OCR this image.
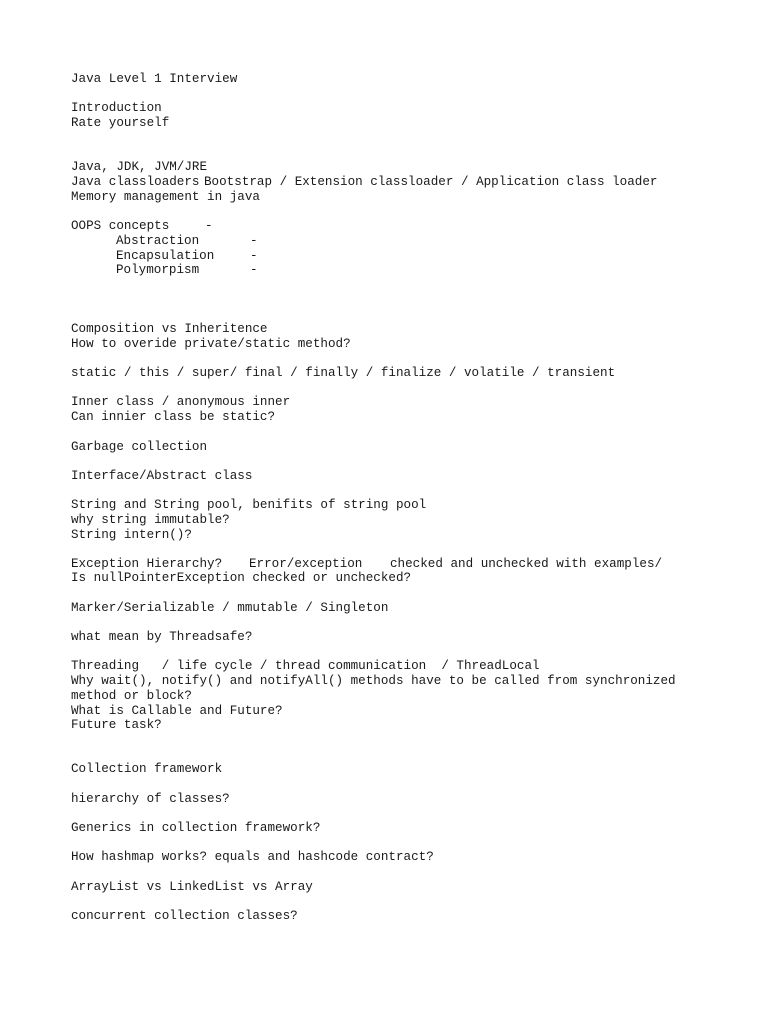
Java Level 1 Interview
Introduction
Rate yourself
Java, JDK, JVM/JRE
Java classloaders Bootstrap / Extension classloader / Application class loader
Memory management in java
OOPS concepts	-
Abstraction	-
Encapsulation	-
Polymorpism	-
Composition vs Inheritence
How to overide private/static method?
static / this / super/ final / finally / finalize / volatile / transient
Inner class / anonymous inner
Can innier class be static?
Garbage collection
Interface/Abstract class
String and String pool, benifits of string pool
why string immutable?
String intern()?
Exception Hierarchy? Error/exception checked and unchecked with examples/
Is nullPointerException checked or unchecked?
Marker/Serializable / mmutable / Singleton
what mean by Threadsafe?
Threading   / life cycle / thread communication  / ThreadLocal
Why wait(), notify() and notifyAll() methods have to be called from synchronized
method or block?
What is Callable and Future?
Future task?
Collection framework
hierarchy of classes?
Generics in collection framework?
How hashmap works? equals and hashcode contract?
ArrayList vs LinkedList vs Array
concurrent collection classes?
